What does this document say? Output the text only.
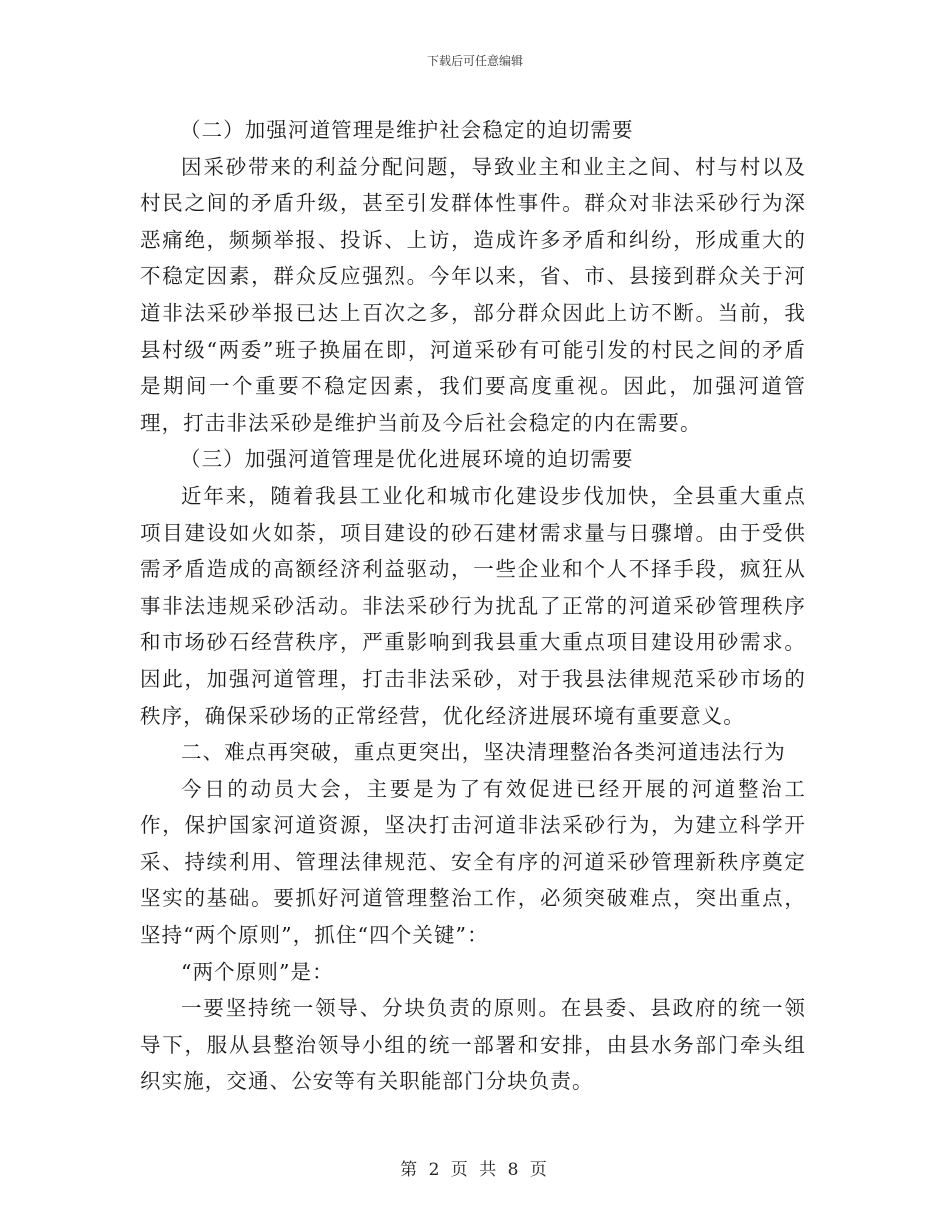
下载后可任意编辑

（二）加强河道管理是维护社会稳定的迫切需要

因采砂带来的利益分配问题，导致业主和业主之间、村与村以及村民之间的矛盾升级，甚至引发群体性事件。群众对非法采砂行为深恶痛绝，频频举报、投诉、上访，造成许多矛盾和纠纷，形成重大的不稳定因素，群众反应强烈。今年以来，省、市、县接到群众关于河道非法采砂举报已达上百次之多，部分群众因此上访不断。当前，我县村级“两委”班子换届在即，河道采砂有可能引发的村民之间的矛盾是期间一个重要不稳定因素，我们要高度重视。因此，加强河道管理，打击非法采砂是维护当前及今后社会稳定的内在需要。

（三）加强河道管理是优化进展环境的迫切需要

近年来，随着我县工业化和城市化建设步伐加快，全县重大重点项目建设如火如荼，项目建设的砂石建材需求量与日骤增。由于受供需矛盾造成的高额经济利益驱动，一些企业和个人不择手段，疯狂从事非法违规采砂活动。非法采砂行为扰乱了正常的河道采砂管理秩序和市场砂石经营秩序，严重影响到我县重大重点项目建设用砂需求。因此，加强河道管理，打击非法采砂，对于我县法律规范采砂市场的秩序，确保采砂场的正常经营，优化经济进展环境有重要意义。

二、难点再突破，重点更突出，坚决清理整治各类河道违法行为

今日的动员大会，主要是为了有效促进已经开展的河道整治工作，保护国家河道资源，坚决打击河道非法采砂行为，为建立科学开采、持续利用、管理法律规范、安全有序的河道采砂管理新秩序奠定坚实的基础。要抓好河道管理整治工作，必须突破难点，突出重点，坚持“两个原则”，抓住“四个关键”：

“两个原则”是：

一要坚持统一领导、分块负责的原则。在县委、县政府的统一领导下，服从县整治领导小组的统一部署和安排，由县水务部门牵头组织实施，交通、公安等有关职能部门分块负责。

第 2 页 共 8 页
